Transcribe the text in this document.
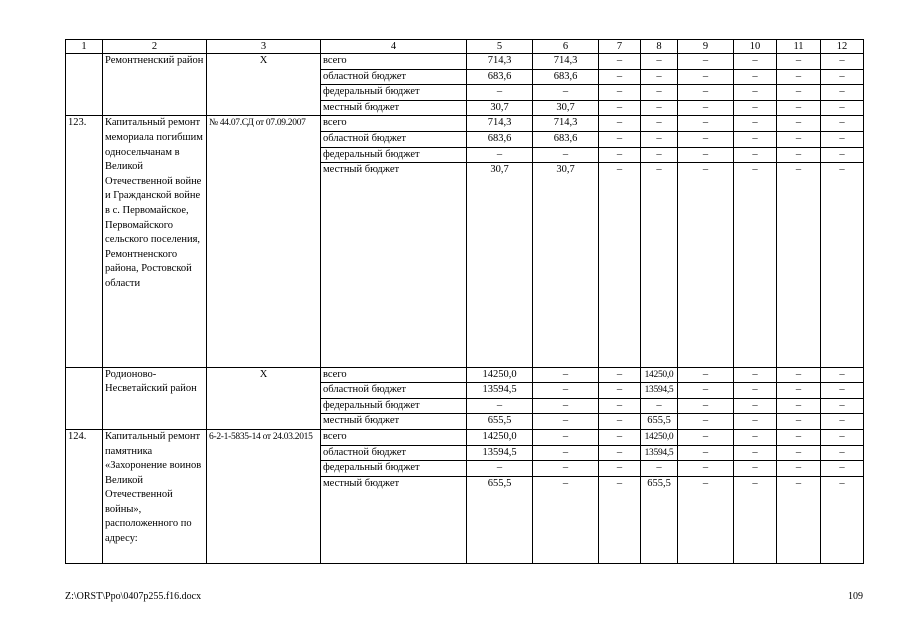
1	2	3	4	5	6	7	8	9	10	11	12
	Ремонтненский район	Х	всего	714,3	714,3	–	–	–	–	–	–
			областной бюджет	683,6	683,6	–	–	–	–	–	–
			федеральный бюджет	–	–	–	–	–	–	–	–
			местный бюджет	30,7	30,7	–	–	–	–	–	–
123.	Капитальный ремонт мемориала погибшим односельчанам в Великой Отечественной войне и Гражданской войне в с. Первомайское, Первомайского сельского поселения, Ремонтненского района, Ростовской области	№ 44.07.СД от 07.09.2007	всего	714,3	714,3	–	–	–	–	–	–
			областной бюджет	683,6	683,6	–	–	–	–	–	–
			федеральный бюджет	–	–	–	–	–	–	–	–
			местный бюджет	30,7	30,7	–	–	–	–	–	–
	Родионово-Несветайский район	Х	всего	14250,0	–	–	14250,0	–	–	–	–
			областной бюджет	13594,5	–	–	13594,5	–	–	–	–
			федеральный бюджет	–	–	–	–	–	–	–	–
			местный бюджет	655,5	–	–	655,5	–	–	–	–
124.	Капитальный ремонт памятника «Захоронение воинов Великой Отечественной войны», расположенного по адресу:	6-2-1-5835-14 от 24.03.2015	всего	14250,0	–	–	14250,0	–	–	–	–
			областной бюджет	13594,5	–	–	13594,5	–	–	–	–
			федеральный бюджет	–	–	–	–	–	–	–	–
			местный бюджет	655,5	–	–	655,5	–	–	–	–
Z:\ORST\Ppo\0407p255.f16.docx	109
